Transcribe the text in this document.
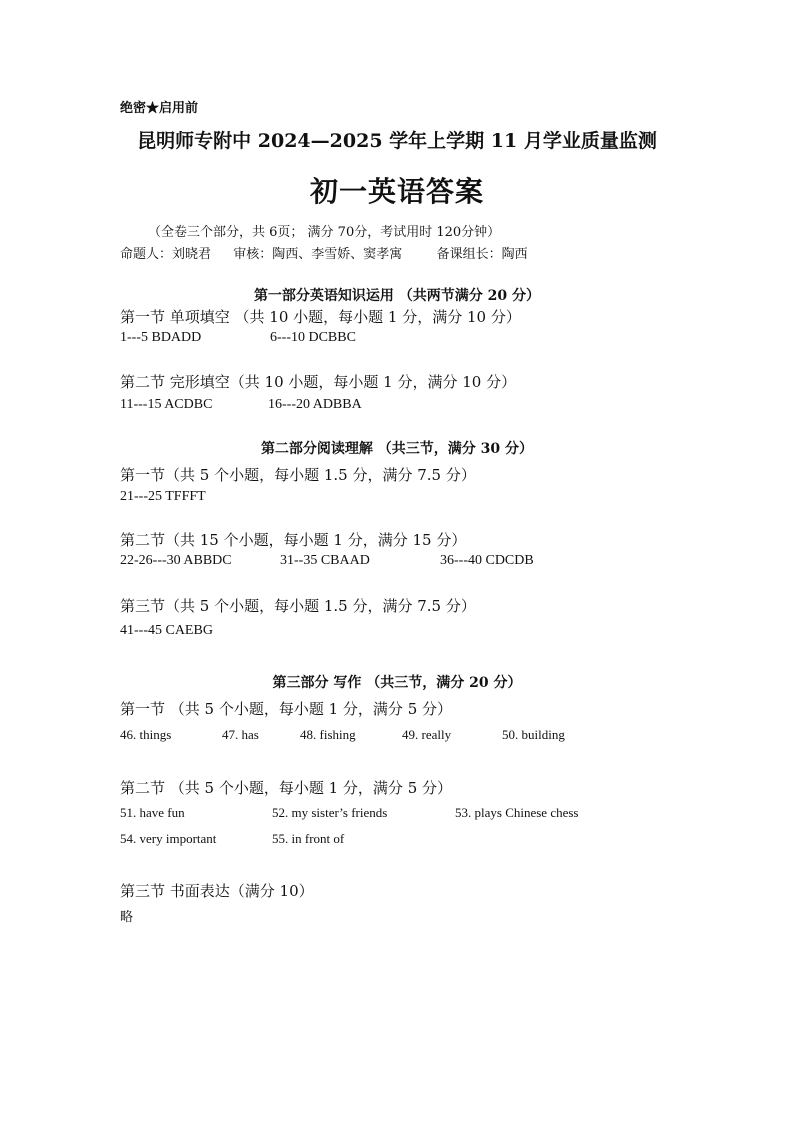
绝密★启用前
昆明师专附中 2024—2025 学年上学期 11 月学业质量监测
初一英语答案
（全卷三个部分，共 6页； 满分 70分，考试用时 120分钟）
命题人：刘晓君 审核：陶西、李雪娇、窦孝寓	备课组长：陶西
第一部分英语知识运用 （共两节满分 20 分）
第一节 单项填空 （共 10 小题，每小题 1 分，满分 10 分）
1---5 BDADD	6---10 DCBBC
第二节 完形填空（共 10 小题，每小题 1 分，满分 10 分）
11---15 ACDBC	16---20 ADBBA
第二部分阅读理解 （共三节，满分 30 分）
第一节（共 5 个小题，每小题 1.5 分，满分 7.5 分）
21---25 TFFFT
第二节（共 15 个小题，每小题 1 分，满分 15 分）
22-26---30 ABBDC	31--35 CBAAD	36---40 CDCDB
第三节（共 5 个小题，每小题 1.5 分，满分 7.5 分）
41---45 CAEBG
第三部分 写作 （共三节，满分 20 分）
第一节 （共 5 个小题，每小题 1 分，满分 5 分）
46. things	47. has	48. fishing	49. really	50. building
第二节 （共 5 个小题，每小题 1 分，满分 5 分）
51. have fun	52. my sister’s friends	53. plays Chinese chess
54. very important	55. in front of
第三节 书面表达（满分 10）
略
